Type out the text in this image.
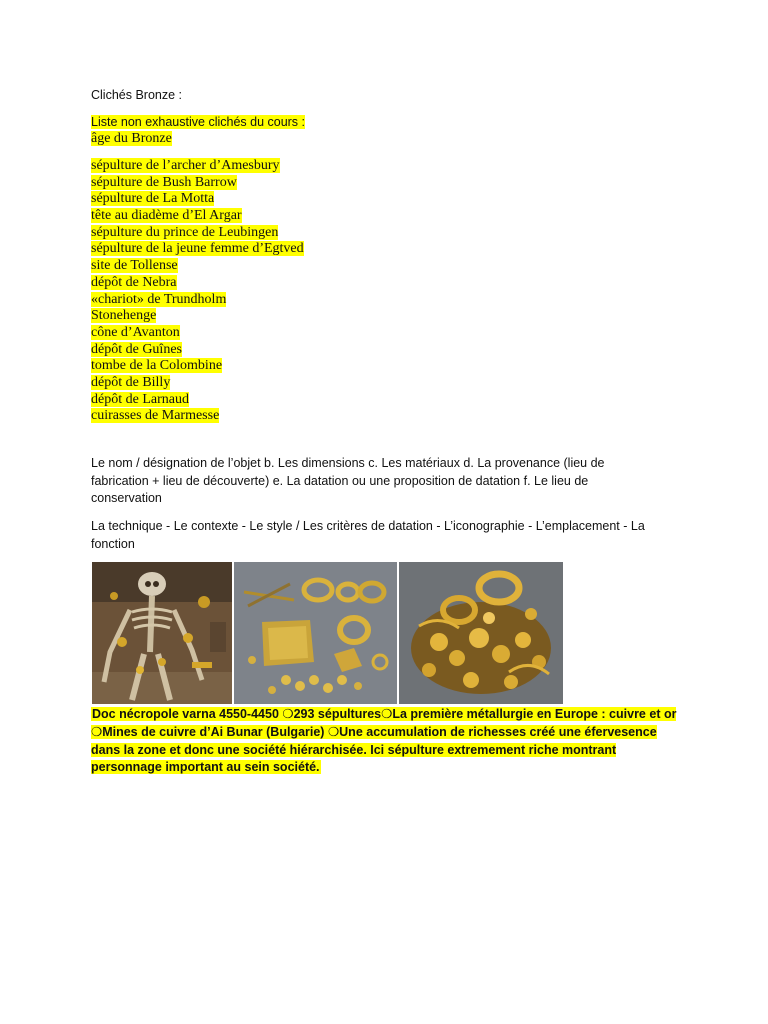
Clichés Bronze :
Liste non exhaustive clichés du cours :
âge du Bronze
sépulture de l’archer d’Amesbury
sépulture de Bush Barrow
sépulture de La Motta
tête au diadème d’El Argar
sépulture du prince de Leubingen
sépulture de la jeune femme d’Egtved
site de Tollense
dépôt de Nebra
«chariot» de Trundholm
Stonehenge
cône d’Avanton
dépôt de Guînes
tombe de la Colombine
dépôt de Billy
dépôt de Larnaud
cuirasses de Marmesse
Le nom / désignation de l’objet b. Les dimensions c. Les matériaux d. La provenance (lieu de fabrication + lieu de découverte) e. La datation ou une proposition de datation f. Le lieu de conservation
La technique - Le contexte - Le style / Les critères de datation - L’iconographie - L’emplacement - La fonction
Doc nécropole varna 4550-4450 ❍293 sépultures❍La première métallurgie en Europe : cuivre et or ❍Mines de cuivre d’Ai Bunar (Bulgarie) ❍Une accumulation de richesses créé une éfervesence dans la zone et donc une société hiérarchisée. Ici sépulture extremement riche montrant personnage important au sein société.
